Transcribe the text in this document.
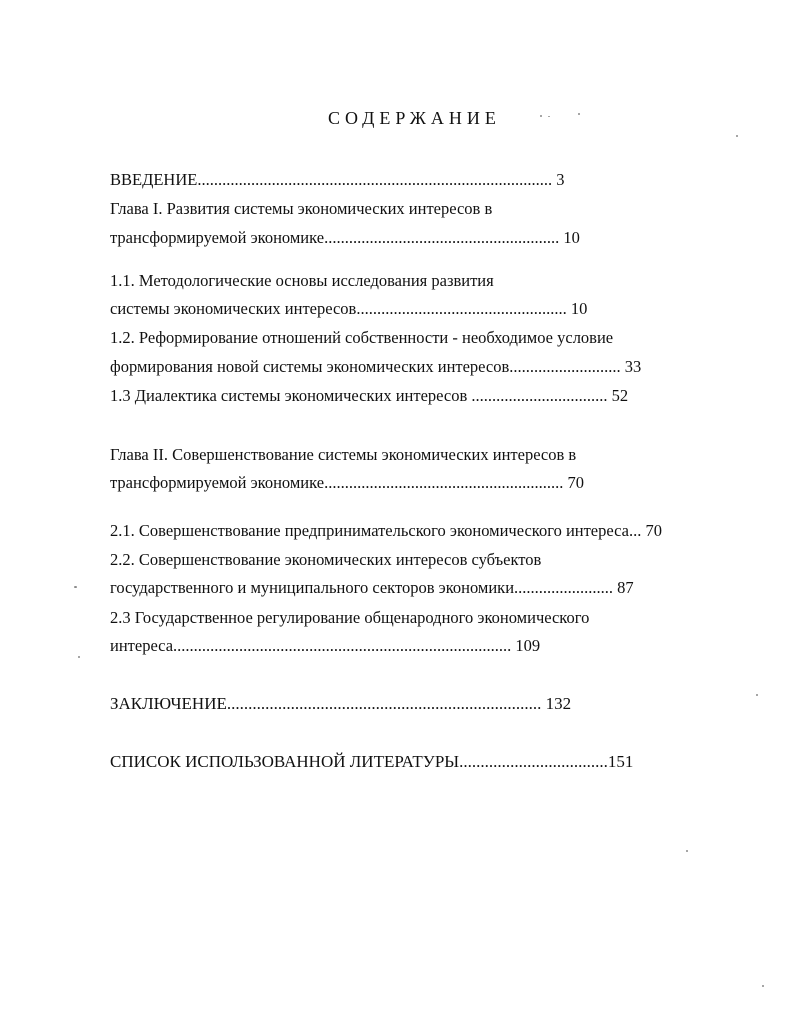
СОДЕРЖАНИЕ
ВВЕДЕНИЕ...................................................................................... 3
Глава I. Развития системы экономических интересов в
трансформируемой экономике......................................................... 10
1.1. Методологические основы исследования развития
системы экономических интересов................................................... 10
1.2. Реформирование отношений собственности - необходимое условие
формирования новой системы экономических интересов........................... 33
1.3 Диалектика системы экономических интересов ................................. 52
Глава II. Совершенствование системы экономических интересов в
трансформируемой экономике.......................................................... 70
2.1. Совершенствование предпринимательского экономического интереса... 70
2.2. Совершенствование экономических интересов субъектов
государственного и муниципального секторов экономики........................ 87
2.3 Государственное регулирование общенародного экономического
интереса.................................................................................. 109
ЗАКЛЮЧЕНИЕ.......................................................................... 132
СПИСОК ИСПОЛЬЗОВАННОЙ ЛИТЕРАТУРЫ...................................151
